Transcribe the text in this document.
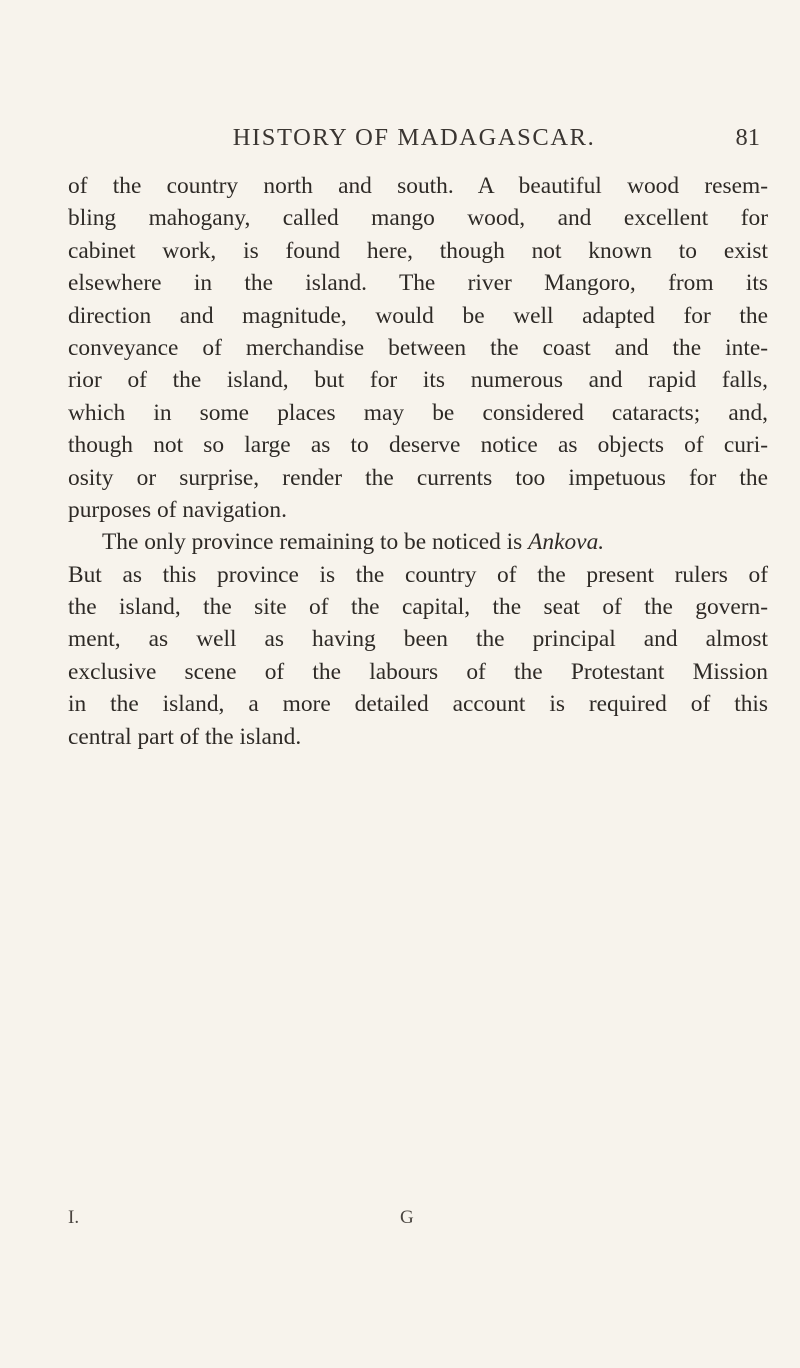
HISTORY OF MADAGASCAR.	81
of the country north and south. A beautiful wood resem-
bling mahogany, called mango wood, and excellent for
cabinet work, is found here, though not known to exist
elsewhere in the island. The river Mangoro, from its
direction and magnitude, would be well adapted for the
conveyance of merchandise between the coast and the inte-
rior of the island, but for its numerous and rapid falls,
which in some places may be considered cataracts; and,
though not so large as to deserve notice as objects of curi-
osity or surprise, render the currents too impetuous for the
purposes of navigation.
The only province remaining to be noticed is Ankova.
But as this province is the country of the present rulers of
the island, the site of the capital, the seat of the govern-
ment, as well as having been the principal and almost
exclusive scene of the labours of the Protestant Mission
in the island, a more detailed account is required of this
central part of the island.
I.	G
